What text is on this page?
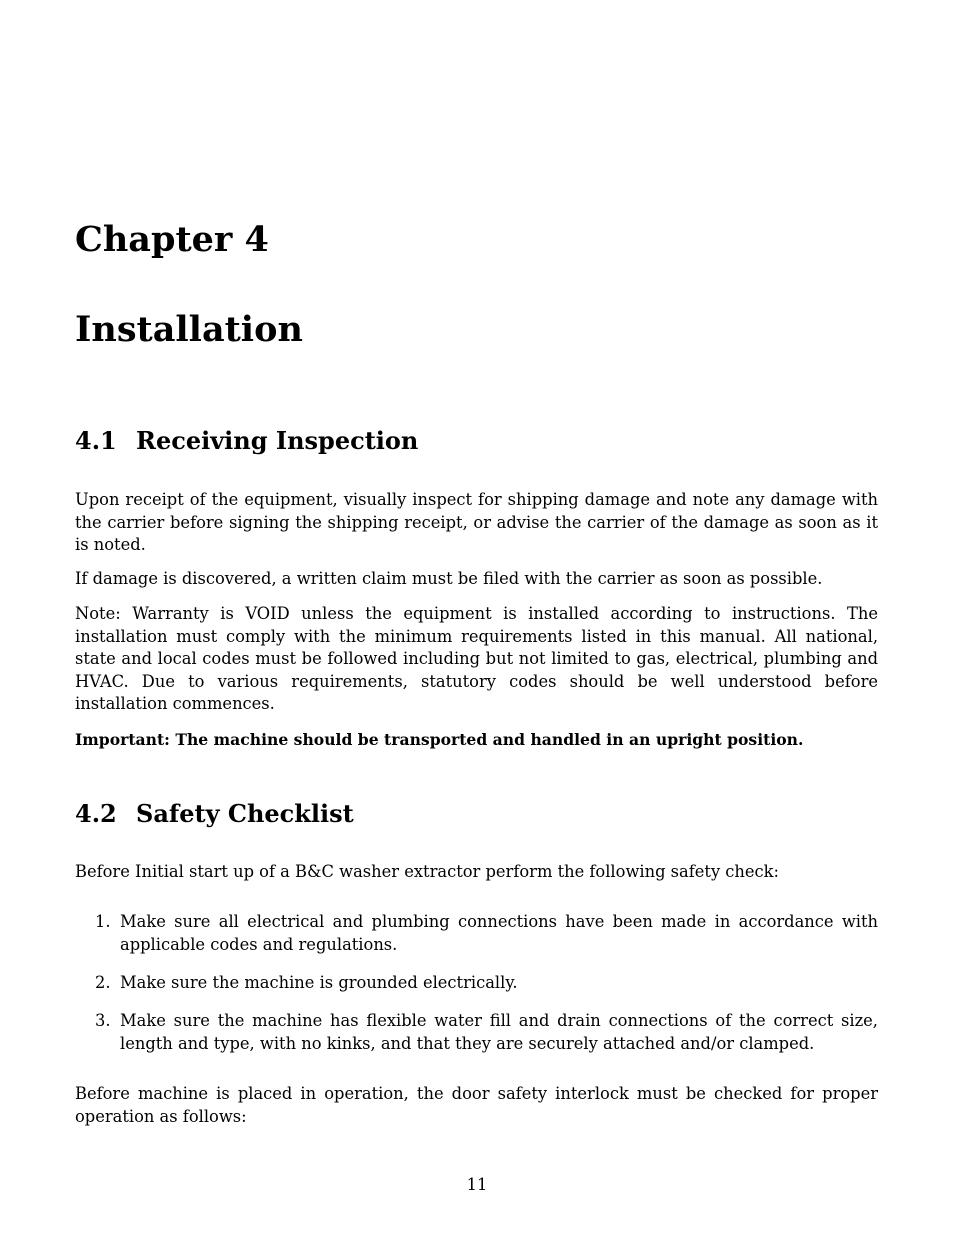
Chapter 4
Installation
4.1 Receiving Inspection

Upon receipt of the equipment, visually inspect for shipping damage and note any damage with the carrier before signing the shipping receipt, or advise the carrier of the damage as soon as it is noted.

If damage is discovered, a written claim must be filed with the carrier as soon as possible.

Note: Warranty is VOID unless the equipment is installed according to instructions. The installation must comply with the minimum requirements listed in this manual. All national, state and local codes must be followed including but not limited to gas, electrical, plumbing and HVAC. Due to various requirements, statutory codes should be well understood before installation commences.

Important: The machine should be transported and handled in an upright position.

4.2 Safety Checklist

Before Initial start up of a B&C washer extractor perform the following safety check:

1. Make sure all electrical and plumbing connections have been made in accordance with applicable codes and regulations.
2. Make sure the machine is grounded electrically.
3. Make sure the machine has flexible water fill and drain connections of the correct size, length and type, with no kinks, and that they are securely attached and/or clamped.

Before machine is placed in operation, the door safety interlock must be checked for proper operation as follows:

11
